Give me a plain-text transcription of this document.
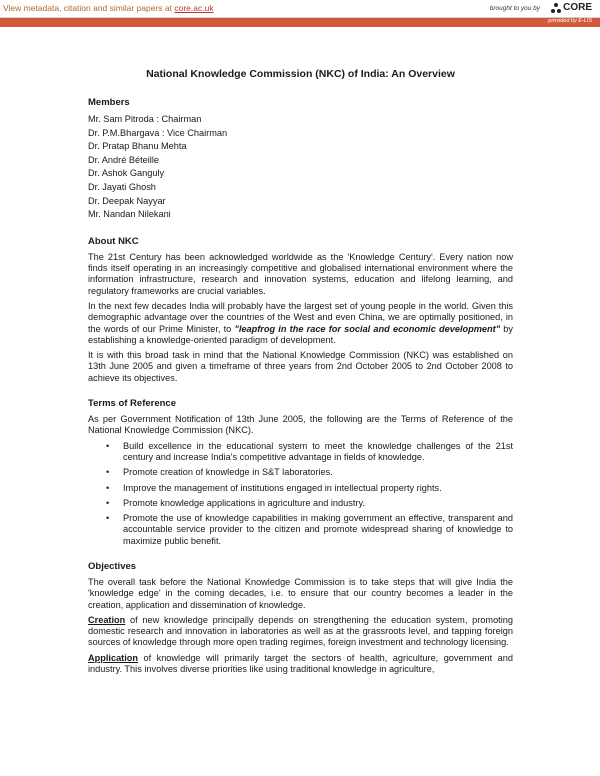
View metadata, citation and similar papers at core.ac.uk	brought to you by CORE
provided by E-LIS
National Knowledge Commission (NKC) of India: An Overview
Members
Mr. Sam Pitroda : Chairman
Dr. P.M.Bhargava : Vice Chairman
Dr. Pratap Bhanu Mehta
Dr. André Béteille
Dr. Ashok Ganguly
Dr. Jayati Ghosh
Dr. Deepak Nayyar
Mr. Nandan Nilekani
About NKC

The 21st Century has been acknowledged worldwide as the 'Knowledge Century'. Every nation now finds itself operating in an increasingly competitive and globalised international environment where the information infrastructure, research and innovation systems, education and lifelong learning, and regulatory frameworks are crucial variables.

In the next few decades India will probably have the largest set of young people in the world. Given this demographic advantage over the countries of the West and even China, we are optimally positioned, in the words of our Prime Minister, to "leapfrog in the race for social and economic development" by establishing a knowledge-oriented paradigm of development.

It is with this broad task in mind that the National Knowledge Commission (NKC) was established on 13th June 2005 and given a timeframe of three years from 2nd October 2005 to 2nd October 2008 to achieve its objectives.

Terms of Reference

As per Government Notification of 13th June 2005, the following are the Terms of Reference of the National Knowledge Commission (NKC).

• Build excellence in the educational system to meet the knowledge challenges of the 21st century and increase India's competitive advantage in fields of knowledge.
• Promote creation of knowledge in S&T laboratories.
• Improve the management of institutions engaged in intellectual property rights.
• Promote knowledge applications in agriculture and industry.
• Promote the use of knowledge capabilities in making government an effective, transparent and accountable service provider to the citizen and promote widespread sharing of knowledge to maximize public benefit.
Objectives

The overall task before the National Knowledge Commission is to take steps that will give India the 'knowledge edge' in the coming decades, i.e. to ensure that our country becomes a leader in the creation, application and dissemination of knowledge.

Creation of new knowledge principally depends on strengthening the education system, promoting domestic research and innovation in laboratories as well as at the grassroots level, and tapping foreign sources of knowledge through more open trading regimes, foreign investment and technology licensing.

Application of knowledge will primarily target the sectors of health, agriculture, government and industry. This involves diverse priorities like using traditional knowledge in agriculture,
